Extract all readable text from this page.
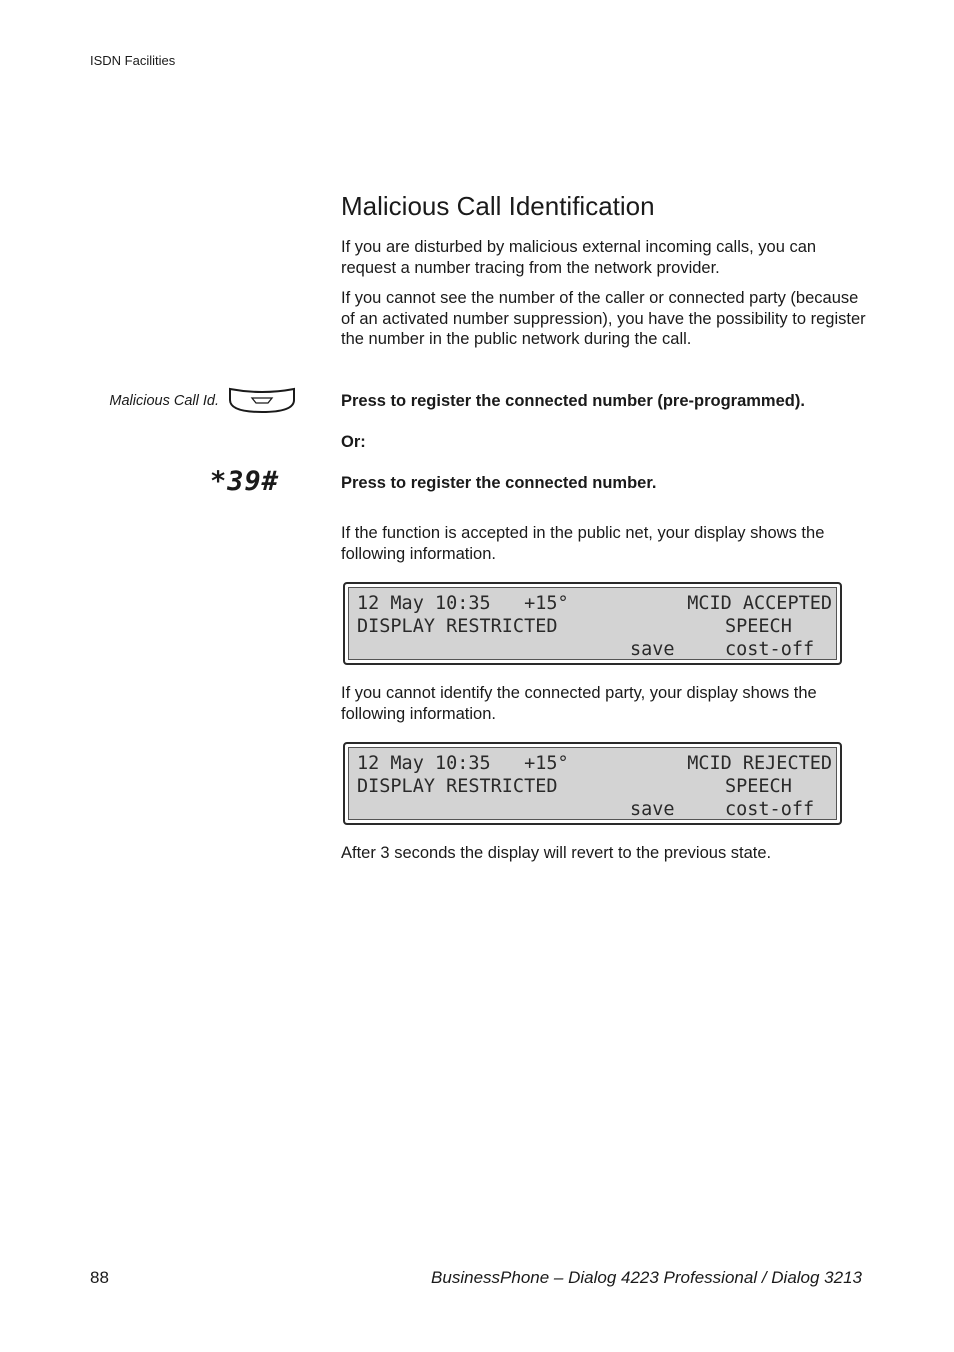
ISDN Facilities
Malicious Call Identification

If you are disturbed by malicious external incoming calls, you can request a number tracing from the network provider.

If you cannot see the number of the caller or connected party (because of an activated number suppression), you have the possibility to register the number in the public network during the call.

Malicious Call Id.	Press to register the connected number (pre-programmed).

Or:

*39#	Press to register the connected number.

If the function is accepted in the public net, your display shows the following information.

12 May 10:35   +15°	MCID ACCEPTED
DISPLAY RESTRICTED	SPEECH
save	cost-off

If you cannot identify the connected party, your display shows the following information.

12 May 10:35   +15°	MCID REJECTED
DISPLAY RESTRICTED	SPEECH
save	cost-off

After 3 seconds the display will revert to the previous state.

88	BusinessPhone – Dialog 4223 Professional / Dialog 3213
